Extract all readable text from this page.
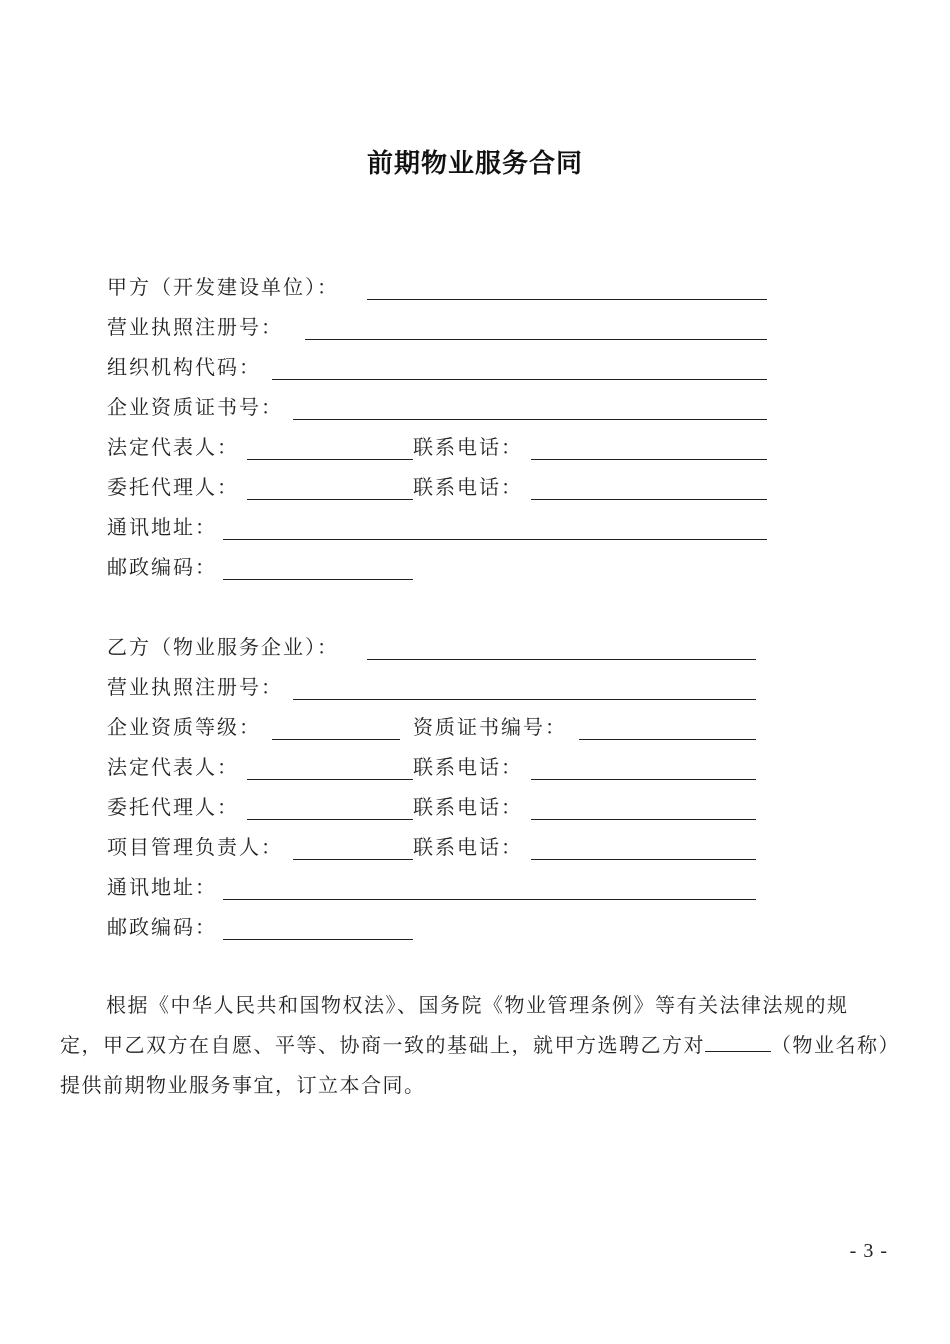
前期物业服务合同
甲方（开发建设单位）：
营业执照注册号：
组织机构代码：
企业资质证书号：
法定代表人：	联系电话：
委托代理人：	联系电话：
通讯地址：
邮政编码：
乙方（物业服务企业）：
营业执照注册号：
企业资质等级：	资质证书编号：
法定代表人：	联系电话：
委托代理人：	联系电话：
项目管理负责人：	联系电话：
通讯地址：
邮政编码：
根据《中华人民共和国物权法》、国务院《物业管理条例》等有关法律法规的规定，甲乙双方在自愿、平等、协商一致的基础上，就甲方选聘乙方对	（物业名称）提供前期物业服务事宜，订立本合同。
- 3 -
